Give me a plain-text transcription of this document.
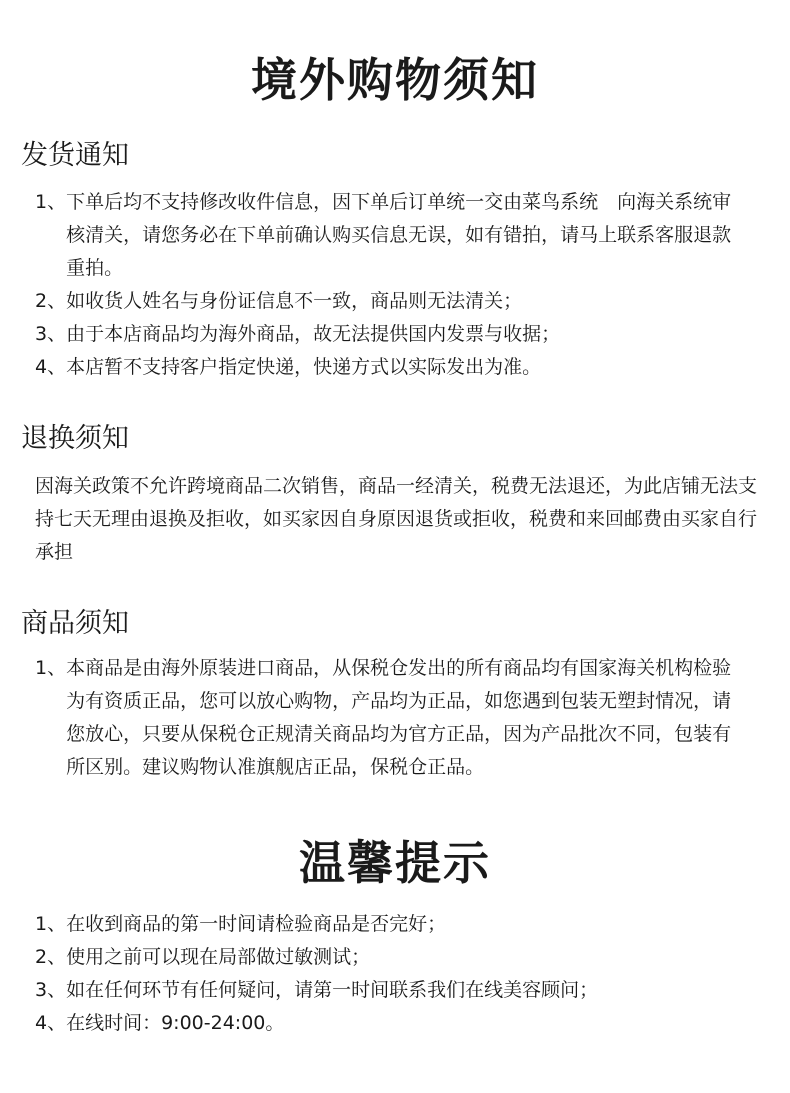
境外购物须知
发货通知
1、 下单后均不支持修改收件信息，因下单后订单统一交由菜鸟系统　向海关系统审核清关，请您务必在下单前确认购买信息无误，如有错拍，请马上联系客服退款重拍。
2、 如收货人姓名与身份证信息不一致，商品则无法清关；
3、 由于本店商品均为海外商品，故无法提供国内发票与收据；
4、 本店暂不支持客户指定快递，快递方式以实际发出为准。
退换须知

因海关政策不允许跨境商品二次销售，商品一经清关，税费无法退还，为此店铺无法支持七天无理由退换及拒收，如买家因自身原因退货或拒收，税费和来回邮费由买家自行承担

商品须知
1、 本商品是由海外原装进口商品，从保税仓发出的所有商品均有国家海关机构检验为有资质正品，您可以放心购物，产品均为正品，如您遇到包装无塑封情况，请您放心，只要从保税仓正规清关商品均为官方正品，因为产品批次不同，包装有所区别。建议购物认准旗舰店正品，保税仓正品。
温馨提示
1、 在收到商品的第一时间请检验商品是否完好；
2、 使用之前可以现在局部做过敏测试；
3、 如在任何环节有任何疑问，请第一时间联系我们在线美容顾问；
4、 在线时间：9:00-24:00。
